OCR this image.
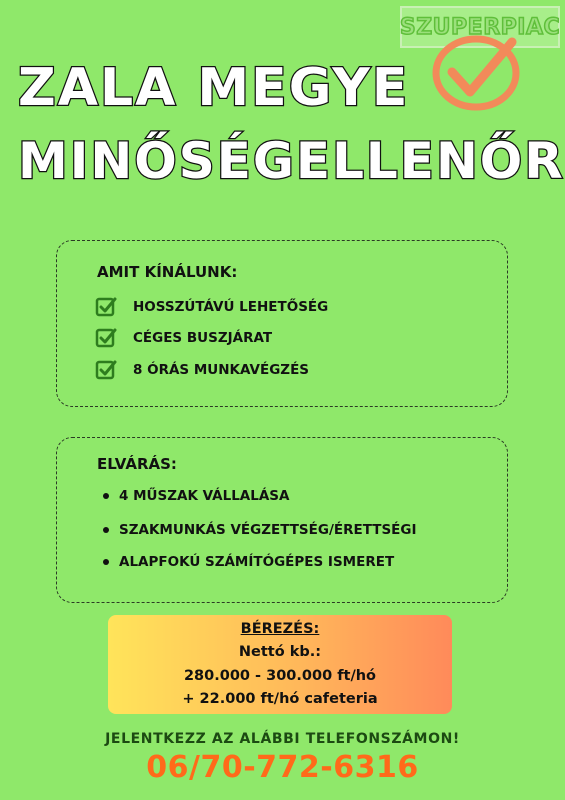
SZUPERPIAC
ZALA MEGYE
MINŐSÉGELLENŐR
AMIT KÍNÁLUNK:
HOSSZÚTÁVÚ LEHETŐSÉG
CÉGES BUSZJÁRAT
8 ÓRÁS MUNKAVÉGZÉS
ELVÁRÁS:
4 MŰSZAK VÁLLALÁSA
SZAKMUNKÁS VÉGZETTSÉG/ÉRETTSÉGI
ALAPFOKÚ SZÁMÍTÓGÉPES ISMERET
BÉREZÉS:
Nettó kb.:
280.000 - 300.000 ft/hó
+ 22.000 ft/hó cafeteria
JELENTKEZZ AZ ALÁBBI TELEFONSZÁMON!
06/70-772-6316
